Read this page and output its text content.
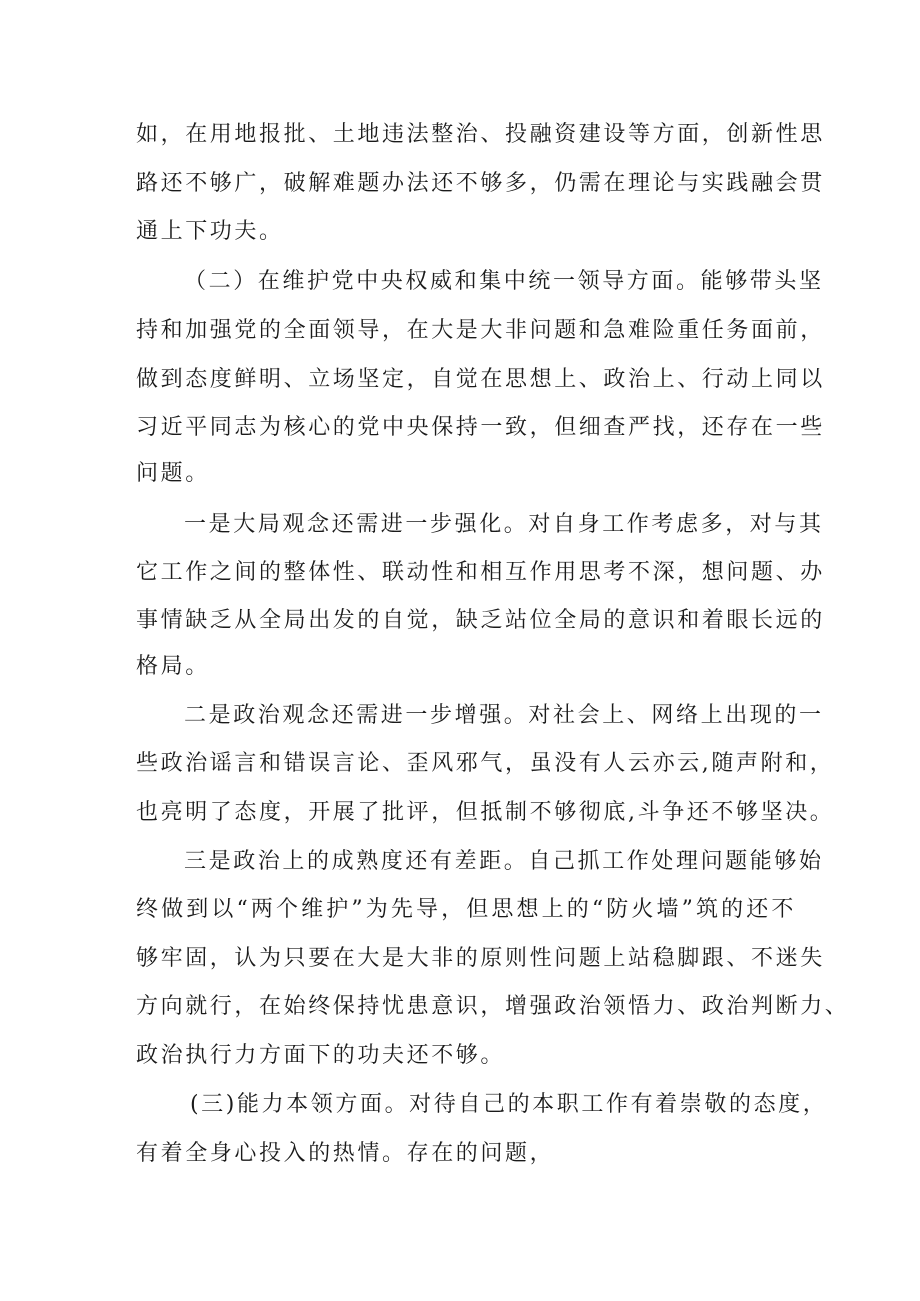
如，在用地报批、土地违法整治、投融资建设等方面，创新性思

路还不够广，破解难题办法还不够多，仍需在理论与实践融会贯

通上下功夫。

（二）在维护党中央权威和集中统一领导方面。能够带头坚

持和加强党的全面领导，在大是大非问题和急难险重任务面前，

做到态度鲜明、立场坚定，自觉在思想上、政治上、行动上同以

习近平同志为核心的党中央保持一致，但细查严找，还存在一些

问题。

一是大局观念还需进一步强化。对自身工作考虑多，对与其

它工作之间的整体性、联动性和相互作用思考不深，想问题、办

事情缺乏从全局出发的自觉，缺乏站位全局的意识和着眼长远的

格局。

二是政治观念还需进一步增强。对社会上、网络上出现的一

些政治谣言和错误言论、歪风邪气，虽没有人云亦云,随声附和，

也亮明了态度，开展了批评，但抵制不够彻底,斗争还不够坚决。

三是政治上的成熟度还有差距。自己抓工作处理问题能够始

终做到以“两个维护”为先导，但思想上的“防火墙”筑的还不

够牢固，认为只要在大是大非的原则性问题上站稳脚跟、不迷失

方向就行，在始终保持忧患意识，增强政治领悟力、政治判断力、

政治执行力方面下的功夫还不够。

(三)能力本领方面。对待自己的本职工作有着崇敬的态度，

有着全身心投入的热情。存在的问题，
